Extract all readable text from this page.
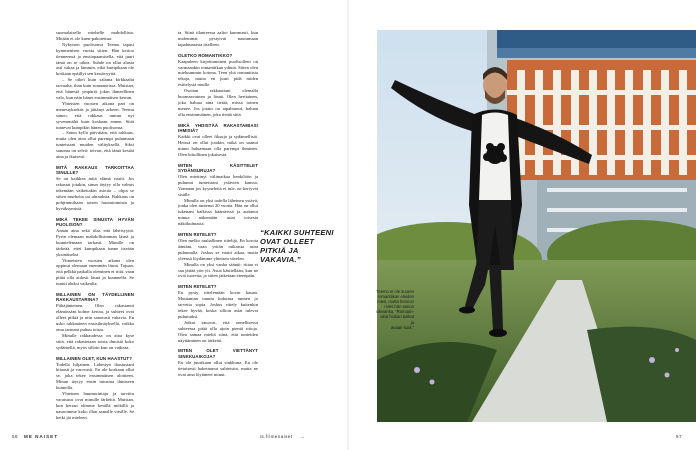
suomalaiselle miehelle mahdollista. Mitään ei ole kuen-pakotettua.

Nykyisen puolisonsa Teemu tapasi kymmenisen vuotta sitten. Hän kertoo tienneensä jo ensitapaamisella, että juuri tämä on se oikea. Suhde on ollut alusta asti vakaa ja lämmin, eikä kumpikaan ole koskaan epäillyt sen kestävyyttä.

– Se oikei kuin salama kirkkaalta taivaalta, ihan kuin romaaneissa. Muistan, että hänestä ympäröi jokin ihmeellinen valo, kun näin hänet ensimmäisen kerran.

Yhteisten vuosien aikana pari on menestyksekäs ja jättänyt arkeen. Teemu sanoo, että rakkaus tuntuu nyt syvemmältä kuin koskaan ennen. Siitä tuntevat kumpikin hänen puolisonsa.

– Saton kyllä päivittäin, että rakkaus, mutta olen aina ollut parempi puhumaan tunteistani muiden välityksellä. Siksi sanoma on selvä: toivon, että tämä kestää aina ja ikuisesti.

MITÄ RAKKAUS TARKOITTAA SINULLE?

Se on kaikkea mitä elämä vaatii. Jos rakastat jotakin, sinun täytyy olla valmis tekemään vaikeitakin asioita – olipa se sitten murheita tai uhrauksia. Rakkaus on pohjimmiltaan toisen huomioimista ja hyväksymistä.

MIKÄ TEKEE SINUSTA HYVÄN PUOLISON?

Annan aina sekä tilaa että läheisyyttä. Pyrin olemaan mahdollisimman läsnä ja kuuntelemaan tarkasti. Minulle on tärkeää, ettei kumpikaan tunne itseään yksinäiseksi.

Viimeisten vuosien aikana olen oppinut olemaan enemmän läsnä. Tajuan, että pelkkä paikalla oleminen ei riitä, vaan pitää olla aidosti läsnä ja kuunnella. Se tuntui aluksi vaikealta.

MILLAINEN ON TÄYDELLINEN RAKKAUSTARINA?

Pitkäjänteinen. Olen rakastanut elämässäni kolme kertaa, ja suhteet ovat olleet pitkiä ja niin sanotusti vakavia. En usko rakkauteen ensisilmäyksellä, vaikka oma tarinani puhuu toista.

Minulle rakkaudessa on aina kyse siitä, että rakastetaan toista ihmistä koko sydämellä, myös silloin kun on vaikeaa.

MILLAINEN OLET, KUN HAASTUT?

Todella hiljainen. Lähestyn ihastustani hitaasti ja varovasti. En ole koskaan ollut se, joka tekee ensimmäisen aloitteen. Minun täytyy ensin tutustua ihmiseen kunnolla.

Yhteinen huumorintaju ja tarvittu varaisuus ovat minulle tärkeitä. Muistan, kun kerran olimme kesällä mökillä ja nauroimme koko illan samalle vitsille. Se hetki jäi mieleen.

ta. Siinä tilanteessa aaltoi kummasti, kun molemmat pystyivät nauramaan tapahtumasta itselleen.

OLETKO ROMANTIKKO?

Kaapuleen kirjoittaminen puolisolleni on varmaankin romantiikan ydintä. Sitten olen mieluummin kotona. Teen yhä romanttisia tekoja, mutta en juuri pidä niiden esittelystä muille.

Osoitan rakkauttani olemalla huomaavainen ja läsnä. Olen herttainen, joka haluaa aina tietää, missä toinen menee. Jos jotain on tapahtunut, haluan olla ensimmäinen, joka tietää siitä.

MIKÄ YHDISTÄÄ RAKASTAMIASI IHMISIÄ?

Kaikki ovat olleet fiksuja ja sydämellisiä. Heissä on ollut jotakin, mikä on saanut minut haluamaan olla parempi ihminen. Olen kiitollinen jokaisesta.

MITEN KÄSITTELET SYDÄNSURUJA?

Olen miettinyt välimatkaa henkilöön ja puhunut tunteistani ystävien kanssa. Varmaan jos kyyneleitä ei tule, ne kertyvät sisälle.

Minulla on yksi todella läheinen ystävä, jonka olen tuntenut 20 vuotta. Hän on ollut tukenani kaikissa käänteissä ja auttanut minua näkemään asiat toisesta näkökulmasta.

MITEN RIITELET?

Olen melko rauhallinen riitelijä. En korota ääntäni, vaan yritän ratkaista asiat puhumalla. Joskus se vaatii aikaa, mutta yleensä löydämme yhteisen sävelen.

Minulla on yksi vanha sääntö: riitaa ei saa jättää yön yli. Asiat käsitellään, kun ne ovat tuoreita, ja sitten jatketaan eteenpäin.

MITEN RIITELET?

En pysty riitelemään kovin kauan. Muutaman tunnin kuluttua tunnen jo tarvetta sopia. Joskus riitely kuitenkin tekee hyvää, koska silloin asiat tulevat puhutuiksi.

Jotkut sanovat, että onnellisessa suhteessa pitää olla ajoin pieniä riitoja. Olen samaa mieltä siinä, että tunteiden näyttäminen on tärkeää.

MITEN OLET VIETTÄNYT SINKKUAIKOJA?

En ole juurikaan ollut sinkkuna. En ole tietoisesti hakeutunut suhteisiin, mutta ne ovat aina löytäneet minut.

“KAIKKI SUHTEENI
OVAT OLLEET
PITKIÄ JA
VAKAVIA.”
Teemu ei ole suuren
romantiikan eleiden
mies, mutta hennon
mies hän sanoo
olevansa. ”Romaan-
aina hiukan tuskat ja
avaan suut.”
56 ME NAISET	is.fi/menaiset →	57
